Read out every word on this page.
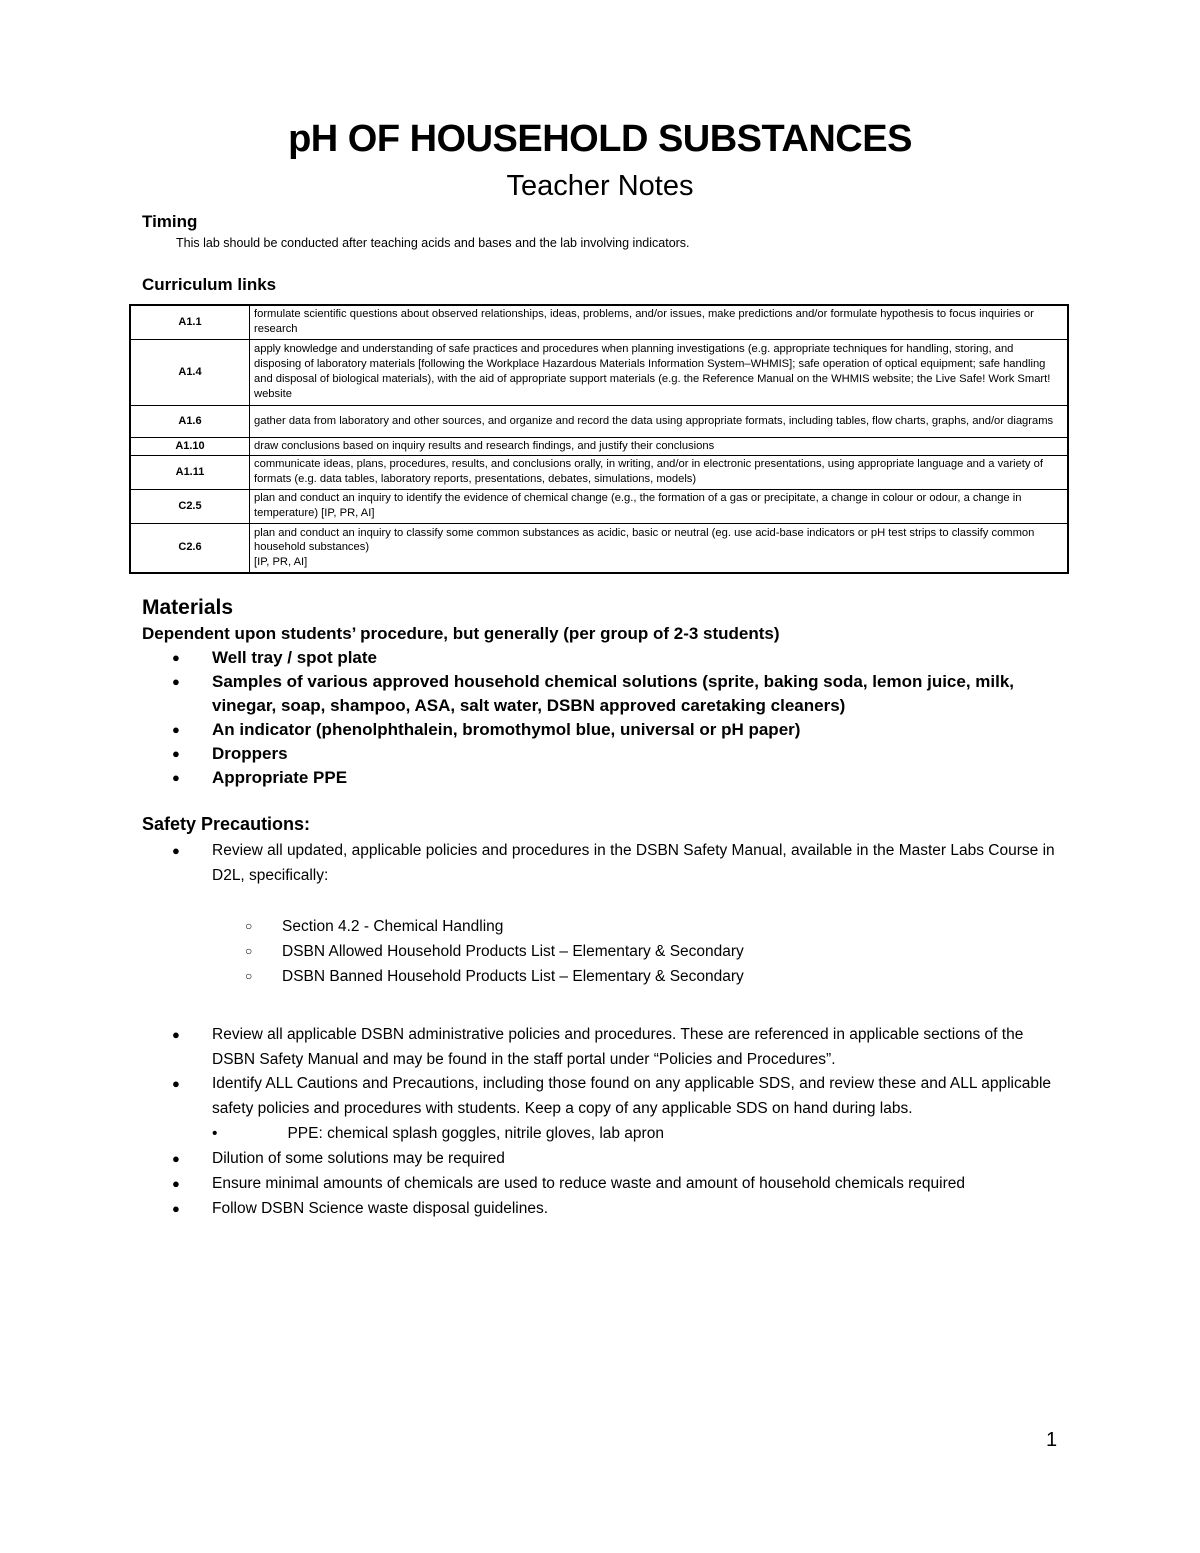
pH OF HOUSEHOLD SUBSTANCES
Teacher Notes
Timing
This lab should be conducted after teaching acids and bases and the lab involving indicators.
Curriculum links
A1.1	formulate scientific questions about observed relationships, ideas, problems, and/or issues, make predictions and/or formulate hypothesis to focus inquiries or research
A1.4	apply knowledge and understanding of safe practices and procedures when planning investigations (e.g. appropriate techniques for handling, storing, and disposing of laboratory materials [following the Workplace Hazardous Materials Information System–WHMIS]; safe operation of optical equipment; safe handling and disposal of biological materials), with the aid of appropriate support materials (e.g. the Reference Manual on the WHMIS website; the Live Safe! Work Smart! website
A1.6	gather data from laboratory and other sources, and organize and record the data using appropriate formats, including tables, flow charts, graphs, and/or diagrams
A1.10	draw conclusions based on inquiry results and research findings, and justify their conclusions
A1.11	communicate ideas, plans, procedures, results, and conclusions orally, in writing, and/or in electronic presentations, using appropriate language and a variety of formats (e.g. data tables, laboratory reports, presentations, debates, simulations, models)
C2.5	plan and conduct an inquiry to identify the evidence of chemical change (e.g., the formation of a gas or precipitate, a change in colour or odour, a change in temperature) [IP, PR, AI]
C2.6	plan and conduct an inquiry to classify some common substances as acidic, basic or neutral (eg. use acid-base indicators or pH test strips to classify common household substances)
[IP, PR, AI]
Materials
Dependent upon students’ procedure, but generally (per group of 2-3 students)
● Well tray / spot plate
● Samples of various approved household chemical solutions (sprite, baking soda, lemon juice, milk, vinegar, soap, shampoo, ASA, salt water, DSBN approved caretaking cleaners)
● An indicator (phenolphthalein, bromothymol blue, universal or pH paper)
● Droppers
● Appropriate PPE
Safety Precautions:
● Review all updated, applicable policies and procedures in the DSBN Safety Manual, available in the Master Labs Course in D2L, specifically:
○ Section 4.2 - Chemical Handling
○ DSBN Allowed Household Products List – Elementary & Secondary
○ DSBN Banned Household Products List – Elementary & Secondary
● Review all applicable DSBN administrative policies and procedures. These are referenced in applicable sections of the DSBN Safety Manual and may be found in the staff portal under “Policies and Procedures”.
● Identify ALL Cautions and Precautions, including those found on any applicable SDS, and review these and ALL applicable safety policies and procedures with students. Keep a copy of any applicable SDS on hand during labs.
•	PPE: chemical splash goggles, nitrile gloves, lab apron
● Dilution of some solutions may be required
● Ensure minimal amounts of chemicals are used to reduce waste and amount of household chemicals required
● Follow DSBN Science waste disposal guidelines.
1
